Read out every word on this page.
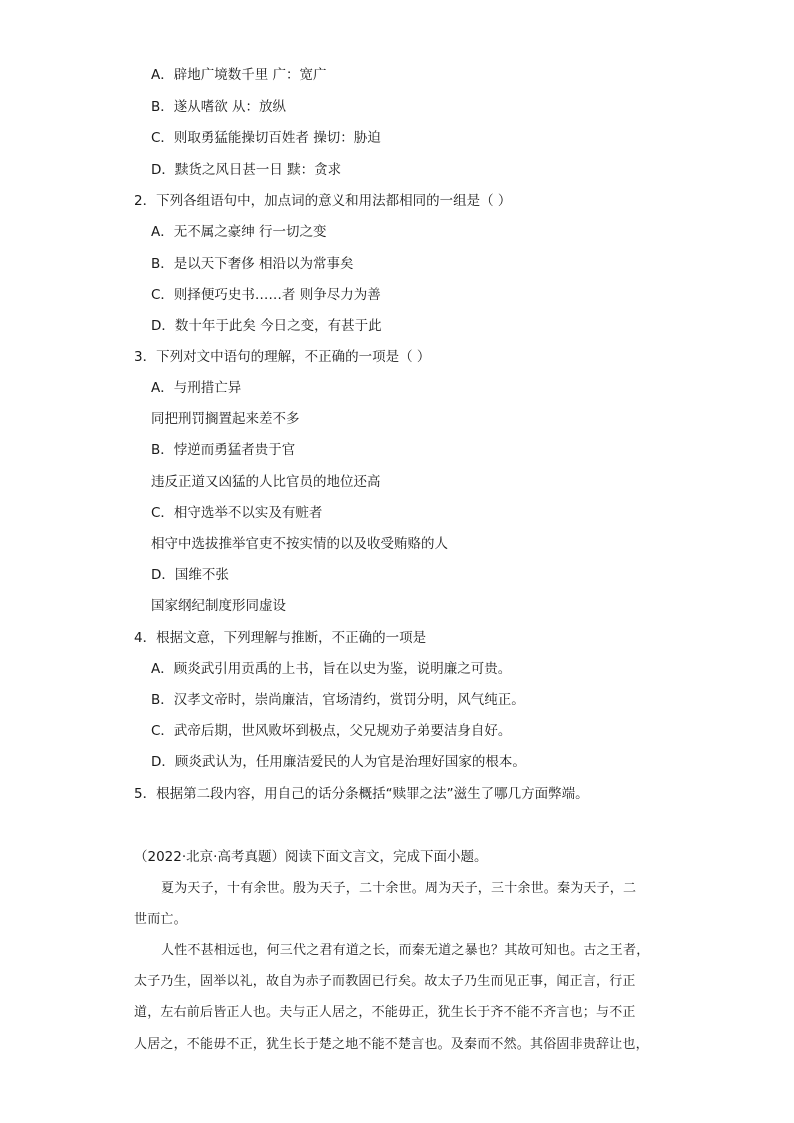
A．辟地广境数千里 广：宽广
B．遂从嗜欲 从：放纵
C．则取勇猛能操切百姓者 操切：胁迫
D．黩货之风日甚一日 黩：贪求
2．下列各组语句中，加点词的意义和用法都相同的一组是（ ）
A．无不属之豪绅 行一切之变
B．是以天下奢侈 相沿以为常事矣
C．则择便巧史书……者 则争尽力为善
D．数十年于此矣 今日之变，有甚于此
3．下列对文中语句的理解，不正确的一项是（ ）
A．与刑措亡异
同把刑罚搁置起来差不多
B．悖逆而勇猛者贵于官
违反正道又凶猛的人比官员的地位还高
C．相守选举不以实及有赃者
相守中选拔推举官吏不按实情的以及收受贿赂的人
D．国维不张
国家纲纪制度形同虚设
4．根据文意，下列理解与推断，不正确的一项是
A．顾炎武引用贡禹的上书，旨在以史为鉴，说明廉之可贵。
B．汉孝文帝时，崇尚廉洁，官场清约，赏罚分明，风气纯正。
C．武帝后期，世风败坏到极点，父兄规劝子弟要洁身自好。
D．顾炎武认为，任用廉洁爱民的人为官是治理好国家的根本。
5．根据第二段内容，用自己的话分条概括“赎罪之法”滋生了哪几方面弊端。
（2022·北京·高考真题）阅读下面文言文，完成下面小题。
夏为天子，十有余世。殷为天子，二十余世。周为天子，三十余世。秦为天子，二
世而亡。
人性不甚相远也，何三代之君有道之长，而秦无道之暴也？其故可知也。古之王者，
太子乃生，固举以礼，故自为赤子而教固已行矣。故太子乃生而见正事，闻正言，行正
道，左右前后皆正人也。夫与正人居之，不能毋正，犹生长于齐不能不齐言也；与不正
人居之，不能毋不正，犹生长于楚之地不能不楚言也。及秦而不然。其俗固非贵辞让也，
